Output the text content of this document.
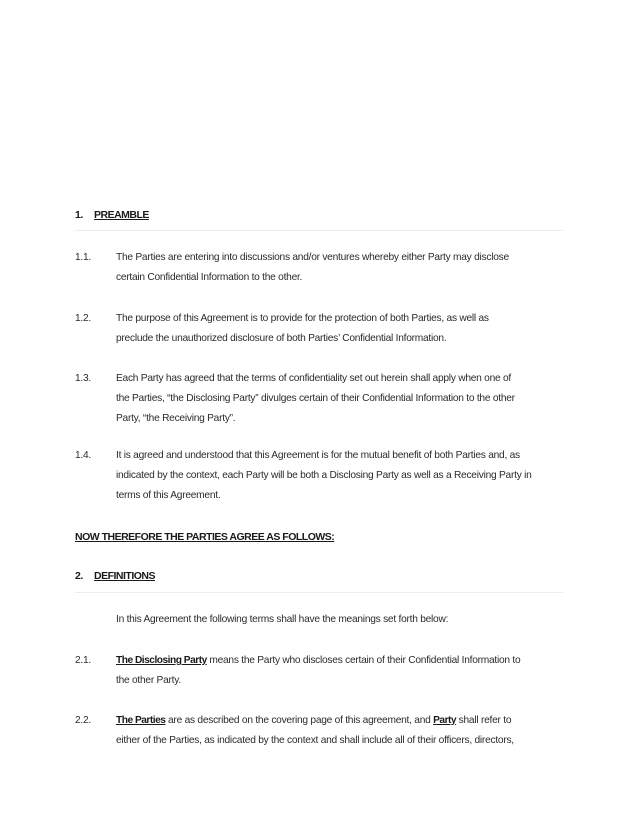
1. PREAMBLE
1.1.	The Parties are entering into discussions and/or ventures whereby either Party may disclose
certain Confidential Information to the other.
1.2.	The purpose of this Agreement is to provide for the protection of both Parties, as well as
preclude the unauthorized disclosure of both Parties’ Confidential Information.
1.3.	Each Party has agreed that the terms of confidentiality set out herein shall apply when one of
the Parties, “the Disclosing Party” divulges certain of their Confidential Information to the other
Party, “the Receiving Party”.
1.4.	It is agreed and understood that this Agreement is for the mutual benefit of both Parties and, as
indicated by the context, each Party will be both a Disclosing Party as well as a Receiving Party in
terms of this Agreement.
NOW THEREFORE THE PARTIES AGREE AS FOLLOWS:
2. DEFINITIONS
In this Agreement the following terms shall have the meanings set forth below:
2.1.	The Disclosing Party means the Party who discloses certain of their Confidential Information to
the other Party.
2.2.	The Parties are as described on the covering page of this agreement, and Party shall refer to
either of the Parties, as indicated by the context and shall include all of their officers, directors,
